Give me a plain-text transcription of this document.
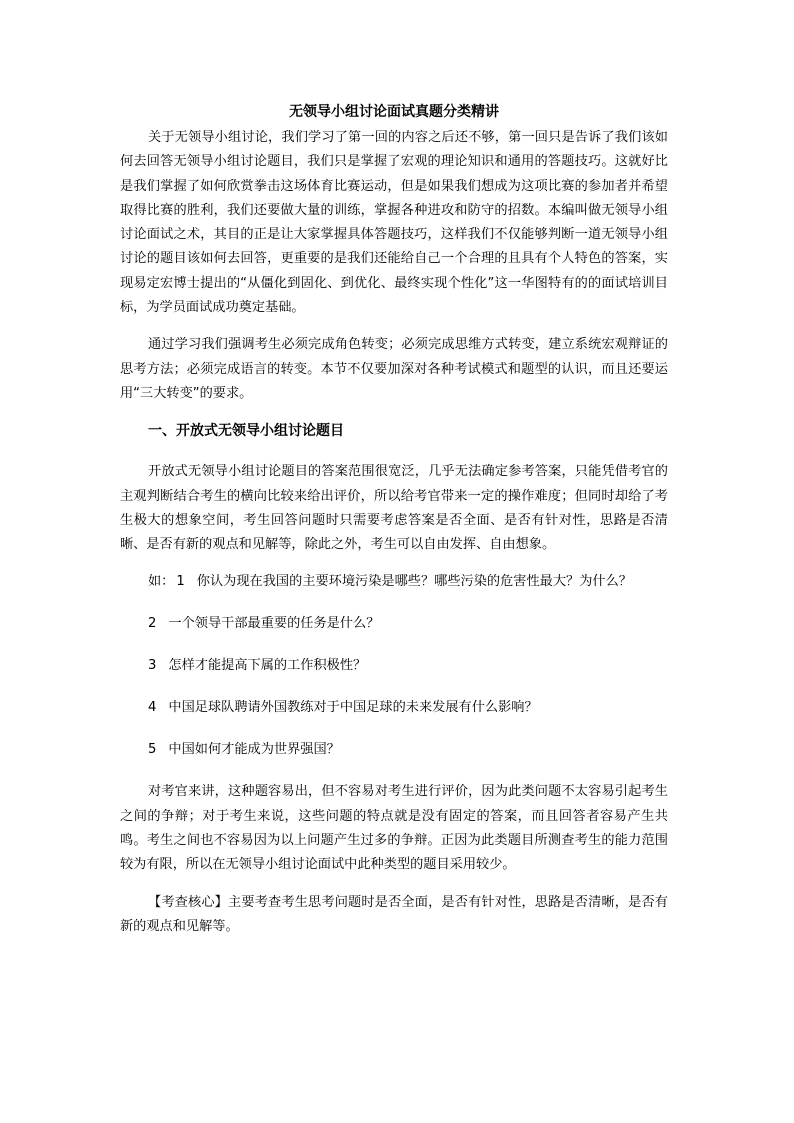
无领导小组讨论面试真题分类精讲

关于无领导小组讨论，我们学习了第一回的内容之后还不够，第一回只是告诉了我们该如何去回答无领导小组讨论题目，我们只是掌握了宏观的理论知识和通用的答题技巧。这就好比是我们掌握了如何欣赏拳击这场体育比赛运动，但是如果我们想成为这项比赛的参加者并希望取得比赛的胜利，我们还要做大量的训练，掌握各种进攻和防守的招数。本编叫做无领导小组讨论面试之术，其目的正是让大家掌握具体答题技巧，这样我们不仅能够判断一道无领导小组讨论的题目该如何去回答，更重要的是我们还能给自己一个合理的且具有个人特色的答案，实现易定宏博士提出的“从僵化到固化、到优化、最终实现个性化”这一华图特有的的面试培训目标，为学员面试成功奠定基础。

通过学习我们强调考生必须完成角色转变；必须完成思维方式转变，建立系统宏观辩证的思考方法；必须完成语言的转变。本节不仅要加深对各种考试模式和题型的认识，而且还要运用“三大转变”的要求。

一、开放式无领导小组讨论题目

开放式无领导小组讨论题目的答案范围很宽泛，几乎无法确定参考答案，只能凭借考官的主观判断结合考生的横向比较来给出评价，所以给考官带来一定的操作难度；但同时却给了考生极大的想象空间，考生回答问题时只需要考虑答案是否全面、是否有针对性，思路是否清晰、是否有新的观点和见解等，除此之外，考生可以自由发挥、自由想象。

如： 1 你认为现在我国的主要环境污染是哪些？哪些污染的危害性最大？为什么？
2 一个领导干部最重要的任务是什么？
3 怎样才能提高下属的工作积极性？
4 中国足球队聘请外国教练对于中国足球的未来发展有什么影响？
5 中国如何才能成为世界强国？

对考官来讲，这种题容易出，但不容易对考生进行评价，因为此类问题不太容易引起考生之间的争辩；对于考生来说，这些问题的特点就是没有固定的答案，而且回答者容易产生共鸣。考生之间也不容易因为以上问题产生过多的争辩。正因为此类题目所测查考生的能力范围较为有限，所以在无领导小组讨论面试中此种类型的题目采用较少。

【考查核心】主要考查考生思考问题时是否全面，是否有针对性，思路是否清晰，是否有新的观点和见解等。
